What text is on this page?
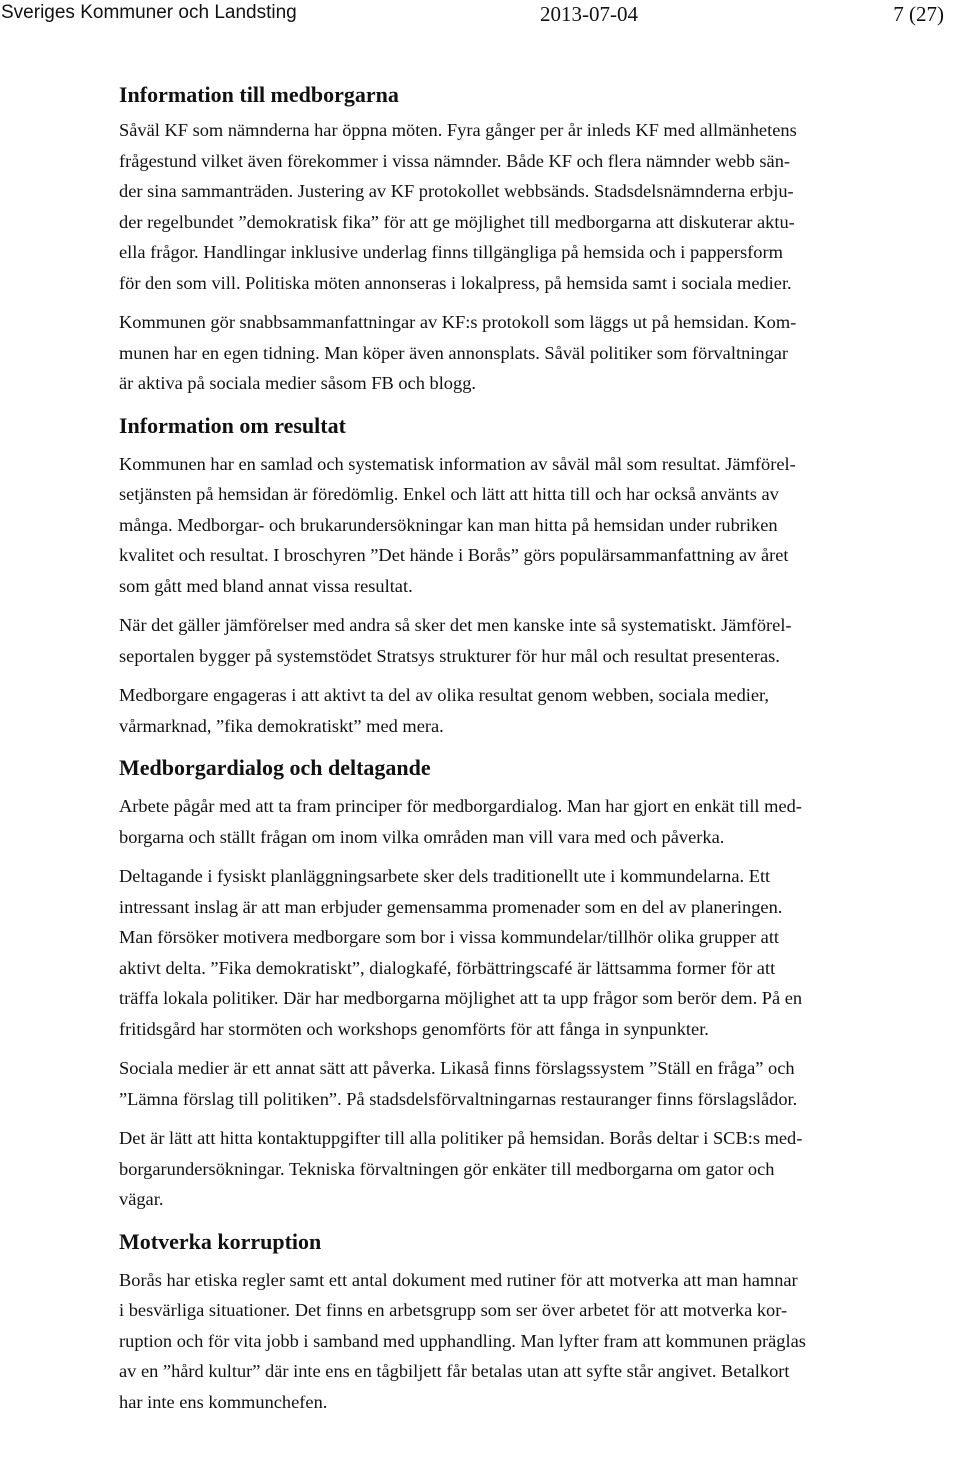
Sveriges Kommuner och Landsting	2013-07-04	7 (27)
Information till medborgarna

Såväl KF som nämnderna har öppna möten. Fyra gånger per år inleds KF med allmänhetens

frågestund vilket även förekommer i vissa nämnder. Både KF och flera nämnder webb sän-

der sina sammanträden. Justering av KF protokollet webbsänds. Stadsdelsnämnderna erbju-

der regelbundet ”demokratisk fika” för att ge möjlighet till medborgarna att diskuterar aktu-

ella frågor. Handlingar inklusive underlag finns tillgängliga på hemsida och i pappersform

för den som vill. Politiska möten annonseras i lokalpress, på hemsida samt i sociala medier.

Kommunen gör snabbsammanfattningar av KF:s protokoll som läggs ut på hemsidan. Kom-

munen har en egen tidning. Man köper även annonsplats. Såväl politiker som förvaltningar

är aktiva på sociala medier såsom FB och blogg.

Information om resultat

Kommunen har en samlad och systematisk information av såväl mål som resultat. Jämförel-

setjänsten på hemsidan är föredömlig. Enkel och lätt att hitta till och har också använts av

många. Medborgar- och brukarundersökningar kan man hitta på hemsidan under rubriken

kvalitet och resultat. I broschyren ”Det hände i Borås” görs populärsammanfattning av året

som gått med bland annat vissa resultat.

När det gäller jämförelser med andra så sker det men kanske inte så systematiskt. Jämförel-

seportalen bygger på systemstödet Stratsys strukturer för hur mål och resultat presenteras.

Medborgare engageras i att aktivt ta del av olika resultat genom webben, sociala medier,

vårmarknad, ”fika demokratiskt” med mera.

Medborgardialog och deltagande

Arbete pågår med att ta fram principer för medborgardialog. Man har gjort en enkät till med-

borgarna och ställt frågan om inom vilka områden man vill vara med och påverka.

Deltagande i fysiskt planläggningsarbete sker dels traditionellt ute i kommundelarna. Ett

intressant inslag är att man erbjuder gemensamma promenader som en del av planeringen.

Man försöker motivera medborgare som bor i vissa kommundelar/tillhör olika grupper att

aktivt delta. ”Fika demokratiskt”, dialogkafé, förbättringscafé är lättsamma former för att

träffa lokala politiker. Där har medborgarna möjlighet att ta upp frågor som berör dem. På en

fritidsgård har stormöten och workshops genomförts för att fånga in synpunkter.

Sociala medier är ett annat sätt att påverka. Likaså finns förslagssystem ”Ställ en fråga” och

”Lämna förslag till politiken”. På stadsdelsförvaltningarnas restauranger finns förslagslådor.

Det är lätt att hitta kontaktuppgifter till alla politiker på hemsidan. Borås deltar i SCB:s med-

borgarundersökningar. Tekniska förvaltningen gör enkäter till medborgarna om gator och

vägar.

Motverka korruption

Borås har etiska regler samt ett antal dokument med rutiner för att motverka att man hamnar

i besvärliga situationer. Det finns en arbetsgrupp som ser över arbetet för att motverka kor-

ruption och för vita jobb i samband med upphandling. Man lyfter fram att kommunen präglas

av en ”hård kultur” där inte ens en tågbiljett får betalas utan att syfte står angivet. Betalkort

har inte ens kommunchefen.
